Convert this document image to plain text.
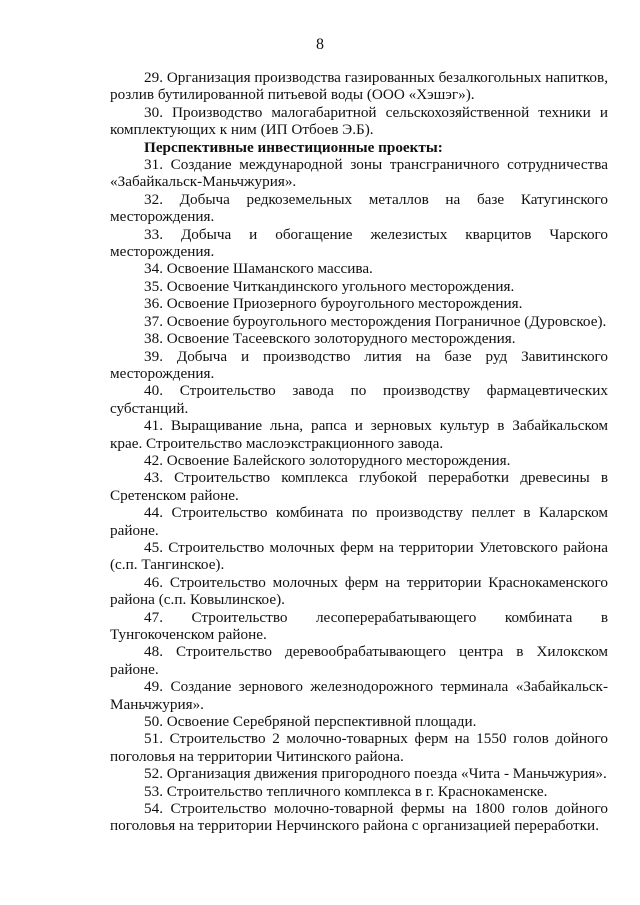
8

29. Организация производства газированных безалкогольных напитков, розлив бутилированной питьевой воды (ООО «Хэшэг»).

30. Производство малогабаритной сельскохозяйственной техники и комплектующих к ним (ИП Отбоев Э.Б).

Перспективные инвестиционные проекты:

31. Создание международной зоны трансграничного сотрудничества «Забайкальск-Маньчжурия».

32. Добыча редкоземельных металлов на базе Катугинского месторождения.

33. Добыча и обогащение железистых кварцитов Чарского месторождения.

34. Освоение Шаманского массива.

35. Освоение Читкандинского угольного месторождения.

36. Освоение Приозерного буроугольного месторождения.

37. Освоение буроугольного месторождения Пограничное (Дуровское).

38. Освоение Тасеевского золоторудного месторождения.

39. Добыча и производство лития на базе руд Завитинского месторождения.

40. Строительство завода по производству фармацевтических субстанций.

41. Выращивание льна, рапса и зерновых культур в Забайкальском крае. Строительство маслоэкстракционного завода.

42. Освоение Балейского золоторудного месторождения.

43. Строительство комплекса глубокой переработки древесины в Сретенском районе.

44. Строительство комбината по производству пеллет в Каларском районе.

45. Строительство молочных ферм на территории Улетовского района (с.п. Тангинское).

46. Строительство молочных ферм на территории Краснокаменского района (с.п. Ковылинское).

47. Строительство лесоперерабатывающего комбината в Тунгокоченском районе.

48. Строительство деревообрабатывающего центра в Хилокском районе.

49. Создание зернового железнодорожного терминала «Забайкальск-Маньчжурия».

50. Освоение Серебряной перспективной площади.

51. Строительство 2 молочно-товарных ферм на 1550 голов дойного поголовья на территории Читинского района.

52. Организация движения пригородного поезда «Чита - Маньчжурия».

53. Строительство тепличного комплекса в г. Краснокаменске.

54. Строительство молочно-товарной фермы на 1800 голов дойного поголовья на территории Нерчинского района с организацией переработки.
